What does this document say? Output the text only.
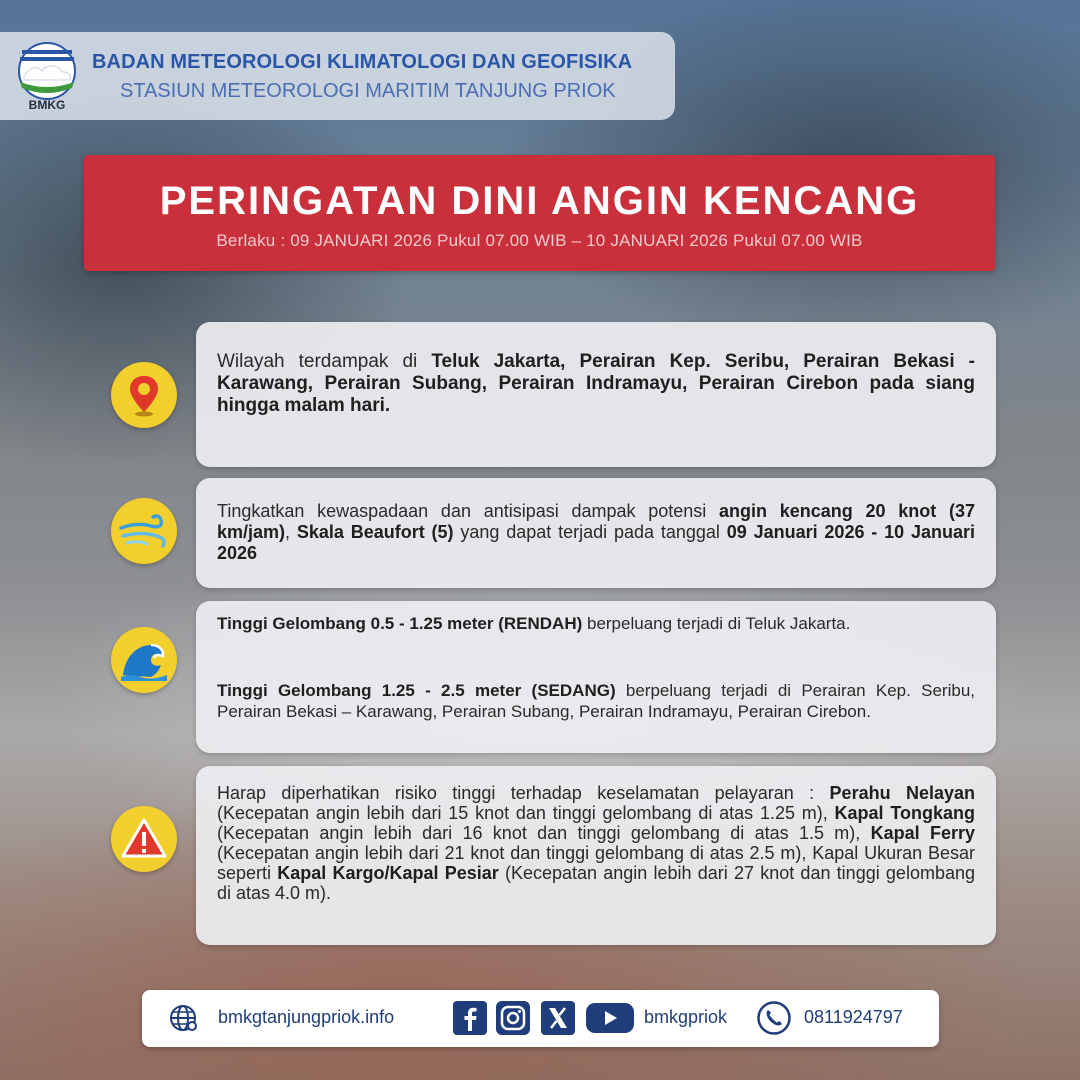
BMKG
BADAN METEOROLOGI KLIMATOLOGI DAN GEOFISIKA
STASIUN METEOROLOGI MARITIM TANJUNG PRIOK
PERINGATAN DINI ANGIN KENCANG
Berlaku : 09 JANUARI 2026 Pukul 07.00 WIB – 10 JANUARI 2026 Pukul 07.00 WIB
Wilayah terdampak di Teluk Jakarta, Perairan Kep. Seribu, Perairan Bekasi - Karawang, Perairan Subang, Perairan Indramayu, Perairan Cirebon pada siang hingga malam hari.
Tingkatkan kewaspadaan dan antisipasi dampak potensi angin kencang 20 knot (37 km/jam), Skala Beaufort (5) yang dapat terjadi pada tanggal 09 Januari 2026 - 10 Januari 2026
Tinggi Gelombang 0.5 - 1.25 meter (RENDAH) berpeluang terjadi di Teluk Jakarta.
Tinggi Gelombang 1.25 - 2.5 meter (SEDANG) berpeluang terjadi di Perairan Kep. Seribu, Perairan Bekasi – Karawang, Perairan Subang, Perairan Indramayu, Perairan Cirebon.
Harap diperhatikan risiko tinggi terhadap keselamatan pelayaran : Perahu Nelayan (Kecepatan angin lebih dari 15 knot dan tinggi gelombang di atas 1.25 m), Kapal Tongkang (Kecepatan angin lebih dari 16 knot dan tinggi gelombang di atas 1.5 m), Kapal Ferry (Kecepatan angin lebih dari 21 knot dan tinggi gelombang di atas 2.5 m), Kapal Ukuran Besar seperti Kapal Kargo/Kapal Pesiar (Kecepatan angin lebih dari 27 knot dan tinggi gelombang di atas 4.0 m).
bmkgtanjungpriok.info	bmkgpriok	0811924797
